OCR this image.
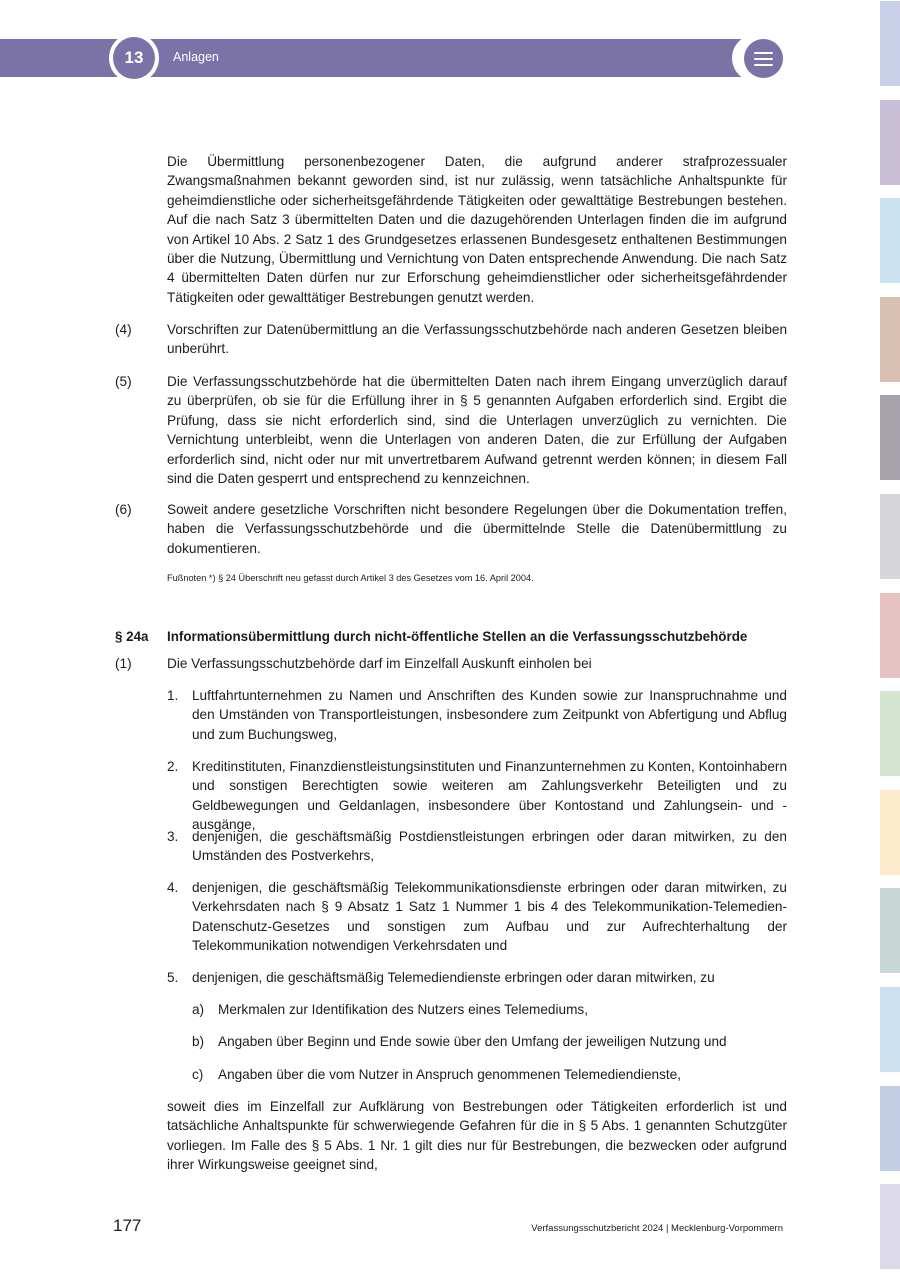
13	Anlagen
Die Übermittlung personenbezogener Daten, die aufgrund anderer strafprozessualer Zwangsmaßnahmen bekannt geworden sind, ist nur zulässig, wenn tatsächliche Anhaltspunkte für geheimdienstliche oder sicherheitsgefährdende Tätigkeiten oder gewalttätige Bestrebungen bestehen. Auf die nach Satz 3 übermittelten Daten und die dazugehörenden Unterlagen finden die im aufgrund von Artikel 10 Abs. 2 Satz 1 des Grundgesetzes erlassenen Bundesgesetz enthaltenen Bestimmungen über die Nutzung, Übermittlung und Vernichtung von Daten entsprechende Anwendung. Die nach Satz 4 übermittelten Daten dürfen nur zur Erforschung geheimdienstlicher oder sicherheitsgefährdender Tätigkeiten oder gewalttätiger Bestrebungen genutzt werden.
(4)	Vorschriften zur Datenübermittlung an die Verfassungsschutzbehörde nach anderen Gesetzen bleiben unberührt.
(5)	Die Verfassungsschutzbehörde hat die übermittelten Daten nach ihrem Eingang unverzüglich darauf zu überprüfen, ob sie für die Erfüllung ihrer in § 5 genannten Aufgaben erforderlich sind. Ergibt die Prüfung, dass sie nicht erforderlich sind, sind die Unterlagen unverzüglich zu vernichten. Die Vernichtung unterbleibt, wenn die Unterlagen von anderen Daten, die zur Erfüllung der Aufgaben erforderlich sind, nicht oder nur mit unvertretbarem Aufwand getrennt werden können; in diesem Fall sind die Daten gesperrt und entsprechend zu kennzeichnen.
(6)	Soweit andere gesetzliche Vorschriften nicht besondere Regelungen über die Dokumentation treffen, haben die Verfassungsschutzbehörde und die übermittelnde Stelle die Datenübermittlung zu dokumentieren.
Fußnoten *) § 24 Überschrift neu gefasst durch Artikel 3 des Gesetzes vom 16. April 2004.
§ 24a Informationsübermittlung durch nicht-öffentliche Stellen an die Verfassungsschutzbehörde
(1)	Die Verfassungsschutzbehörde darf im Einzelfall Auskunft einholen bei
1. Luftfahrtunternehmen zu Namen und Anschriften des Kunden sowie zur Inanspruchnahme und den Umständen von Transportleistungen, insbesondere zum Zeitpunkt von Abfertigung und Abflug und zum Buchungsweg,
2. Kreditinstituten, Finanzdienstleistungsinstituten und Finanzunternehmen zu Konten, Kontoinhabern und sonstigen Berechtigten sowie weiteren am Zahlungsverkehr Beteiligten und zu Geldbewegungen und Geldanlagen, insbesondere über Kontostand und Zahlungsein- und -ausgänge,
3. denjenigen, die geschäftsmäßig Postdienstleistungen erbringen oder daran mitwirken, zu den Umständen des Postverkehrs,
4. denjenigen, die geschäftsmäßig Telekommunikationsdienste erbringen oder daran mitwirken, zu Verkehrsdaten nach § 9 Absatz 1 Satz 1 Nummer 1 bis 4 des Telekommunikation-Telemedien-Datenschutz-Gesetzes und sonstigen zum Aufbau und zur Aufrechterhaltung der Telekommunikation notwendigen Verkehrsdaten und
5. denjenigen, die geschäftsmäßig Telemediendienste erbringen oder daran mitwirken, zu
a) Merkmalen zur Identifikation des Nutzers eines Telemediums,
b) Angaben über Beginn und Ende sowie über den Umfang der jeweiligen Nutzung und
c) Angaben über die vom Nutzer in Anspruch genommenen Telemediendienste,
soweit dies im Einzelfall zur Aufklärung von Bestrebungen oder Tätigkeiten erforderlich ist und tatsächliche Anhaltspunkte für schwerwiegende Gefahren für die in § 5 Abs. 1 genannten Schutzgüter vorliegen. Im Falle des § 5 Abs. 1 Nr. 1 gilt dies nur für Bestrebungen, die bezwecken oder aufgrund ihrer Wirkungsweise geeignet sind,
177	Verfassungsschutzbericht 2024 | Mecklenburg-Vorpommern
